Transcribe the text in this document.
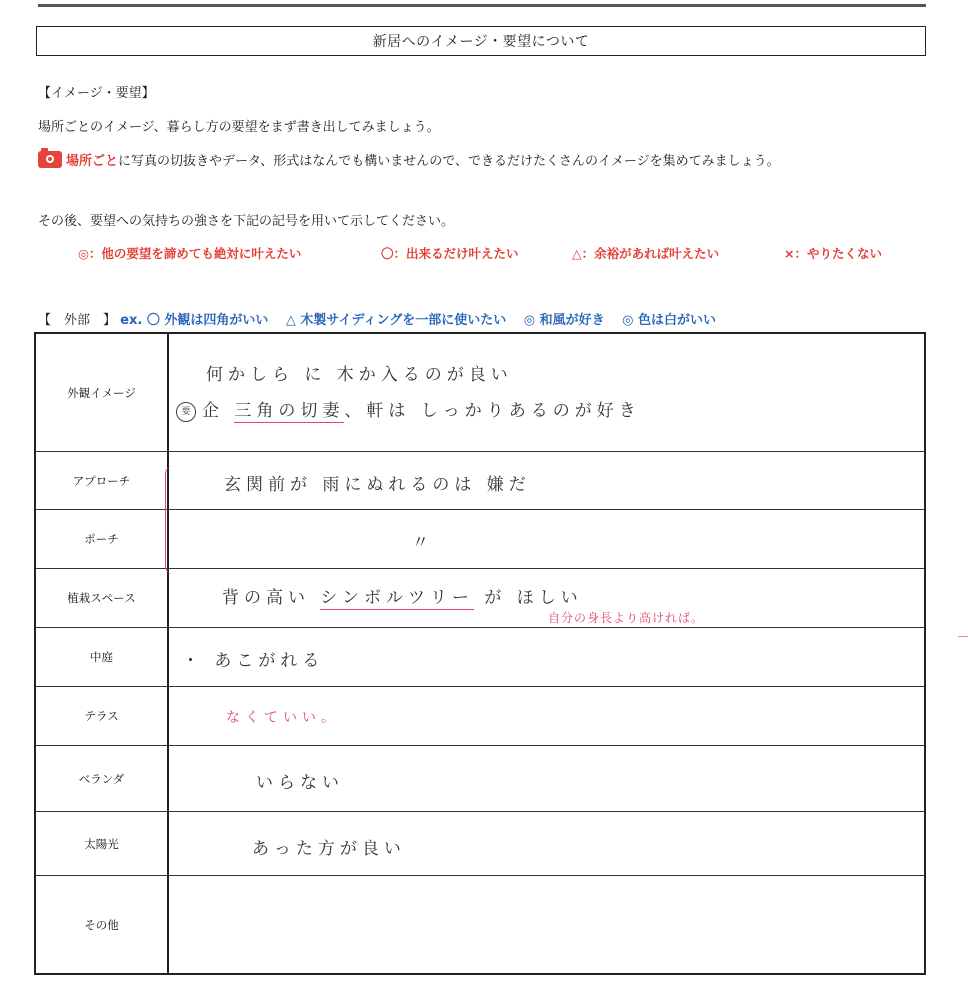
新居へのイメージ・要望について
【イメージ・要望】
場所ごとのイメージ、暮らし方の要望をまず書き出してみましょう。
場所ごと に写真の切抜きやデータ、形式はなんでも構いませんので、できるだけたくさんのイメージを集めてみましょう。
その後、要望への気持ちの強さを下記の記号を用いて示してください。
◎：他の要望を諦めても絶対に叶えたい	〇：出来るだけ叶えたい	△：余裕があれば叶えたい	×：やりたくない
【　外部　】 ex. 〇 外観は四角がいい　 △ 木製サイディングを一部に使いたい　 ◎ 和風が好き　 ◎ 色は白がいい
外観イメージ
何かしら に 木か入るのが良い
要 企 三角の切妻、軒は しっかりあるのが好き
アプローチ	玄関前が 雨にぬれるのは 嫌だ
ポーチ	〃
植栽スペース	背の高い シンボルツリー が ほしい
自分の身長より高ければ。
中庭	・ あこがれる
テラス	なくていい。
ベランダ	いらない
太陽光	あった方が良い
その他
